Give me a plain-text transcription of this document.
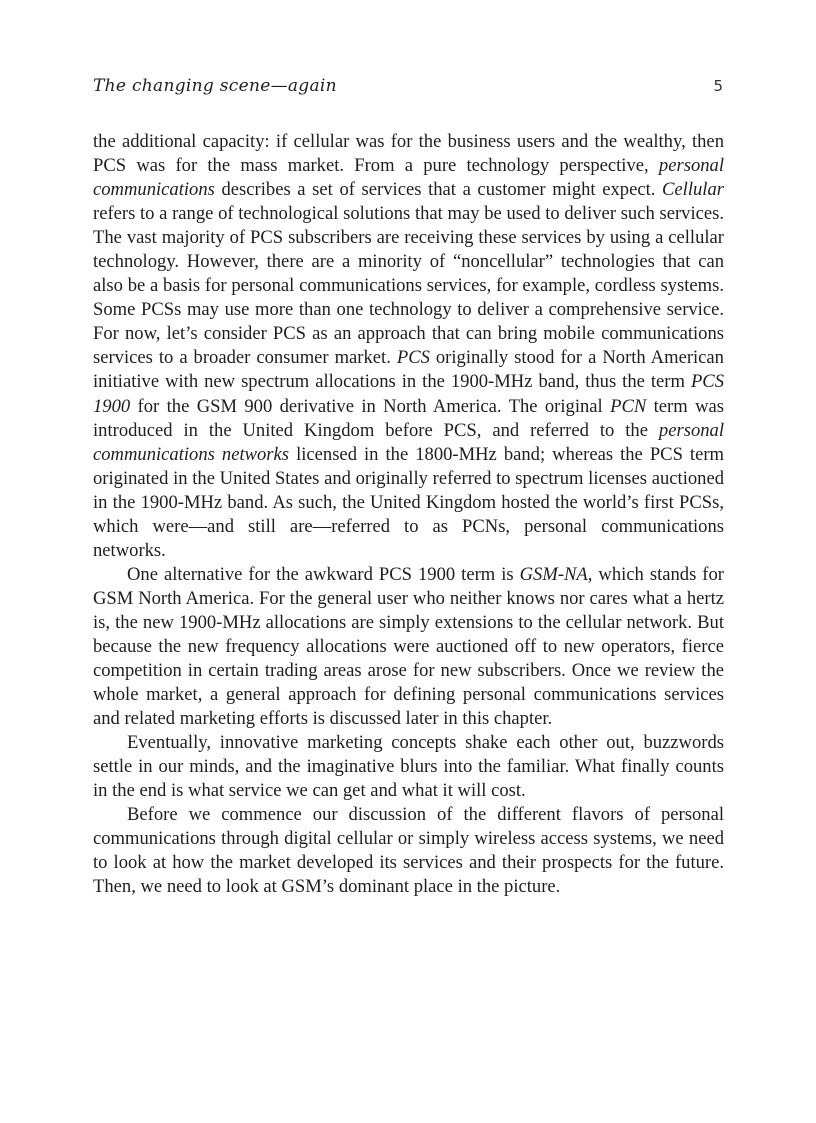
The changing scene—again	5

the additional capacity: if cellular was for the business users and the wealthy, then PCS was for the mass market. From a pure technology perspective, personal communications describes a set of services that a customer might expect. Cellular refers to a range of technological solutions that may be used to deliver such services. The vast majority of PCS subscribers are receiving these services by using a cellular technology. However, there are a minority of “noncellular” technologies that can also be a basis for personal communications services, for example, cordless systems. Some PCSs may use more than one technology to deliver a comprehensive service. For now, let’s consider PCS as an approach that can bring mobile communications services to a broader consumer market. PCS originally stood for a North American initiative with new spectrum allocations in the 1900-MHz band, thus the term PCS 1900 for the GSM 900 derivative in North America. The original PCN term was introduced in the United Kingdom before PCS, and referred to the personal communications networks licensed in the 1800-MHz band; whereas the PCS term originated in the United States and originally referred to spectrum licenses auctioned in the 1900-MHz band. As such, the United Kingdom hosted the world’s first PCSs, which were—and still are—referred to as PCNs, personal communications networks.

One alternative for the awkward PCS 1900 term is GSM-NA, which stands for GSM North America. For the general user who neither knows nor cares what a hertz is, the new 1900-MHz allocations are simply extensions to the cellular network. But because the new frequency allocations were auctioned off to new operators, fierce competition in certain trading areas arose for new subscribers. Once we review the whole market, a general approach for defining personal communications services and related marketing efforts is discussed later in this chapter.

Eventually, innovative marketing concepts shake each other out, buzzwords settle in our minds, and the imaginative blurs into the familiar. What finally counts in the end is what service we can get and what it will cost.

Before we commence our discussion of the different flavors of personal communications through digital cellular or simply wireless access systems, we need to look at how the market developed its services and their prospects for the future. Then, we need to look at GSM’s dominant place in the picture.
